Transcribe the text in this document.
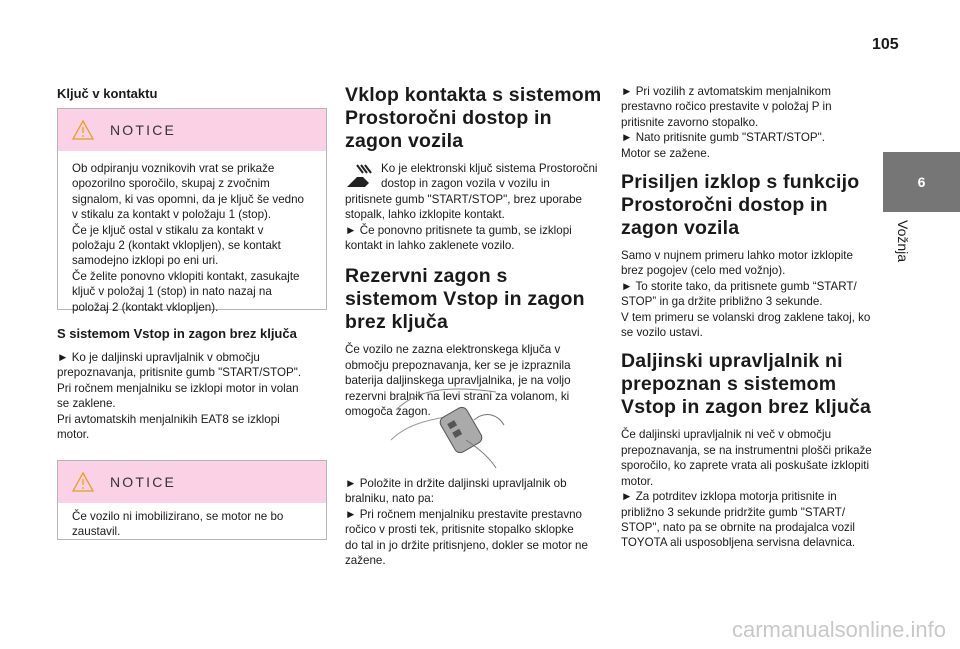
105
6
Vožnja
Ključ v kontaktu
NOTICE
Ob odpiranju voznikovih vrat se prikaže
opozorilno sporočilo, skupaj z zvočnim
signalom, ki vas opomni, da je ključ še vedno
v stikalu za kontakt v položaju 1 (stop).
Če je ključ ostal v stikalu za kontakt v
položaju 2 (kontakt vklopljen), se kontakt
samodejno izklopi po eni uri.
Če želite ponovno vklopiti kontakt, zasukajte
ključ v položaj 1 (stop) in nato nazaj na
položaj 2 (kontakt vklopljen).
S sistemom Vstop in zagon brez ključa
► Ko je daljinski upravljalnik v območju
prepoznavanja, pritisnite gumb "START/STOP".
Pri ročnem menjalniku se izklopi motor in volan
se zaklene.
Pri avtomatskih menjalnikih EAT8 se izklopi
motor.
NOTICE
Če vozilo ni imobilizirano, se motor ne bo
zaustavil.
Vklop kontakta s sistemom Prostoročni dostop in zagon vozila
Ko je elektronski ključ sistema Prostoročni
dostop in zagon vozila v vozilu in
pritisnete gumb "START/STOP", brez uporabe
stopalk, lahko izklopite kontakt.
► Če ponovno pritisnete ta gumb, se izklopi
kontakt in lahko zaklenete vozilo.
Rezervni zagon s sistemom Vstop in zagon brez ključa
Če vozilo ne zazna elektronskega ključa v
območju prepoznavanja, ker se je izpraznila
baterija daljinskega upravljalnika, je na voljo
rezervni bralnik na levi strani za volanom, ki
omogoča zagon.
► Položite in držite daljinski upravljalnik ob
bralniku, nato pa:
► Pri ročnem menjalniku prestavite prestavno
ročico v prosti tek, pritisnite stopalko sklopke
do tal in jo držite pritisnjeno, dokler se motor ne
zažene.
► Pri vozilih z avtomatskim menjalnikom
prestavno ročico prestavite v položaj P in
pritisnite zavorno stopalko.
► Nato pritisnite gumb "START/STOP".
Motor se zažene.
Prisiljen izklop s funkcijo Prostoročni dostop in zagon vozila
Samo v nujnem primeru lahko motor izklopite
brez pogojev (celo med vožnjo).
► To storite tako, da pritisnete gumb “START/
STOP” in ga držite približno 3 sekunde.
V tem primeru se volanski drog zaklene takoj, ko
se vozilo ustavi.
Daljinski upravljalnik ni prepoznan s sistemom Vstop in zagon brez ključa
Če daljinski upravljalnik ni več v območju
prepoznavanja, se na instrumentni plošči prikaže
sporočilo, ko zaprete vrata ali poskušate izklopiti
motor.
► Za potrditev izklopa motorja pritisnite in
približno 3 sekunde pridržite gumb "START/
STOP", nato pa se obrnite na prodajalca vozil
TOYOTA ali usposobljena servisna delavnica.
carmanualsonline.info
